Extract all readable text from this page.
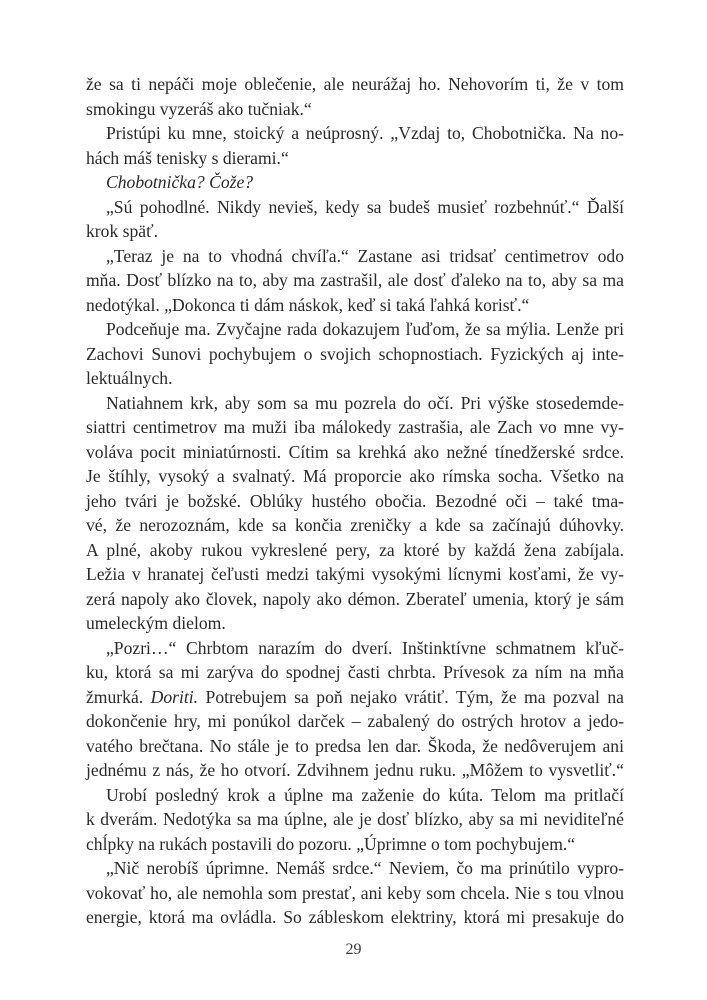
že sa ti nepáči moje oblečenie, ale neurážaj ho. Nehovorím ti, že v tom
smokingu vyzeráš ako tučniak.“
Pristúpi ku mne, stoický a neúprosný. „Vzdaj to, Chobotnička. Na no-
hách máš tenisky s dierami.“
Chobotnička? Čože?
„Sú pohodlné. Nikdy nevieš, kedy sa budeš musieť rozbehnúť.“ Ďalší
krok späť.
„Teraz je na to vhodná chvíľa.“ Zastane asi tridsať centimetrov odo
mňa. Dosť blízko na to, aby ma zastrašil, ale dosť ďaleko na to, aby sa ma
nedotýkal. „Dokonca ti dám náskok, keď si taká ľahká korisť.“
Podceňuje ma. Zvyčajne rada dokazujem ľuďom, že sa mýlia. Lenže pri
Zachovi Sunovi pochybujem o svojich schopnostiach. Fyzických aj inte-
lektuálnych.
Natiahnem krk, aby som sa mu pozrela do očí. Pri výške stosedemde-
siattri centimetrov ma muži iba málokedy zastrašia, ale Zach vo mne vy-
voláva pocit miniatúrnosti. Cítim sa krehká ako nežné tínedžerské srdce.
Je štíhly, vysoký a svalnatý. Má proporcie ako rímska socha. Všetko na
jeho tvári je božské. Oblúky hustého obočia. Bezodné oči – také tma-
vé, že nerozoznám, kde sa končia zreničky a kde sa začínajú dúhovky.
A plné, akoby rukou vykreslené pery, za ktoré by každá žena zabíjala.
Ležia v hranatej čeľusti medzi takými vysokými lícnymi kosťami, že vy-
zerá napoly ako človek, napoly ako démon. Zberateľ umenia, ktorý je sám
umeleckým dielom.
„Pozri…“ Chrbtom narazím do dverí. Inštinktívne schmatnem kľuč-
ku, ktorá sa mi zarýva do spodnej časti chrbta. Prívesok za ním na mňa
žmurká. Doriti. Potrebujem sa poň nejako vrátiť. Tým, že ma pozval na
dokončenie hry, mi ponúkol darček – zabalený do ostrých hrotov a jedo-
vatého brečtana. No stále je to predsa len dar. Škoda, že nedôverujem ani
jednému z nás, že ho otvorí. Zdvihnem jednu ruku. „Môžem to vysvetliť.“
Urobí posledný krok a úplne ma zaženie do kúta. Telom ma pritlačí
k dverám. Nedotýka sa ma úplne, ale je dosť blízko, aby sa mi neviditeľné
chĺpky na rukách postavili do pozoru. „Úprimne o tom pochybujem.“
„Nič nerobíš úprimne. Nemáš srdce.“ Neviem, čo ma prinútilo vypro-
vokovať ho, ale nemohla som prestať, ani keby som chcela. Nie s tou vlnou
energie, ktorá ma ovládla. So zábleskom elektriny, ktorá mi presakuje do
29
